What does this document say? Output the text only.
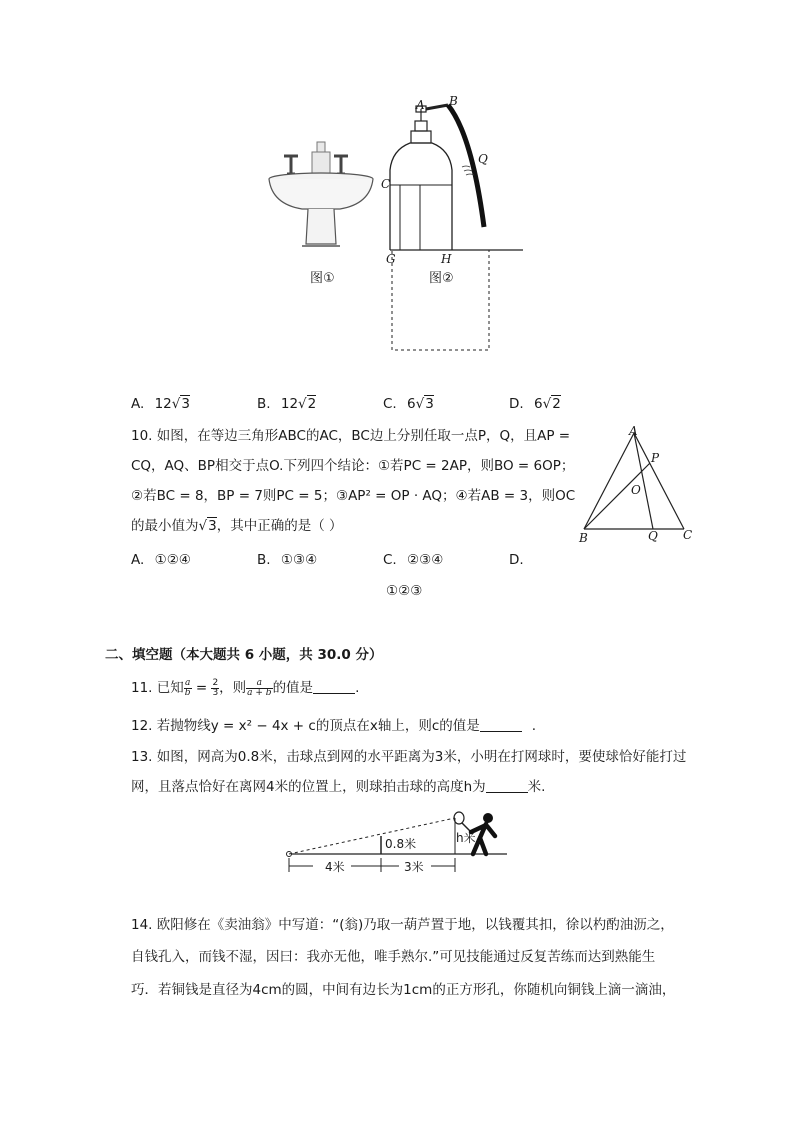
图①
A B
C
Q
G	H
图②
A. 12√3	B. 12√2	C. 6√3	D. 6√2
10. 如图，在等边三角形ABC的AC，BC边上分别任取一点P，Q，且AP =
CQ，AQ、BP相交于点O.下列四个结论：①若PC = 2AP，则BO = 6OP；
②若BC = 8，BP = 7则PC = 5；③AP² = OP · AQ；④若AB = 3，则OC
的最小值为√3，其中正确的是（ ）
A
P
O
B	Q C
A. ①②④	B. ①③④	C. ②③④	D.
①②③
二、填空题（本大题共 6 小题，共 30.0 分）
11. 已知 $\frac{a}{b} = \frac{2}{3}$ ，则 $\frac{a}{a + b}$ 的值是	.
12. 若抛物线y = x² − 4x + c的顶点在x轴上，则c的值是	.
13. 如图，网高为0.8米，击球点到网的水平距离为3米，小明在打网球时，要使球恰好能打过
网，且落点恰好在离网4米的位置上，则球拍击球的高度h为	米.
0.8米
4米	3米
h米
14. 欧阳修在《卖油翁》中写道：“(翁)乃取一葫芦置于地，以钱覆其扣，徐以杓酌油沥之，
自钱孔入，而钱不湿，因曰：我亦无他，唯手熟尔.”可见技能通过反复苦练而达到熟能生
巧．若铜钱是直径为4cm的圆，中间有边长为1cm的正方形孔，你随机向铜钱上滴一滴油，
